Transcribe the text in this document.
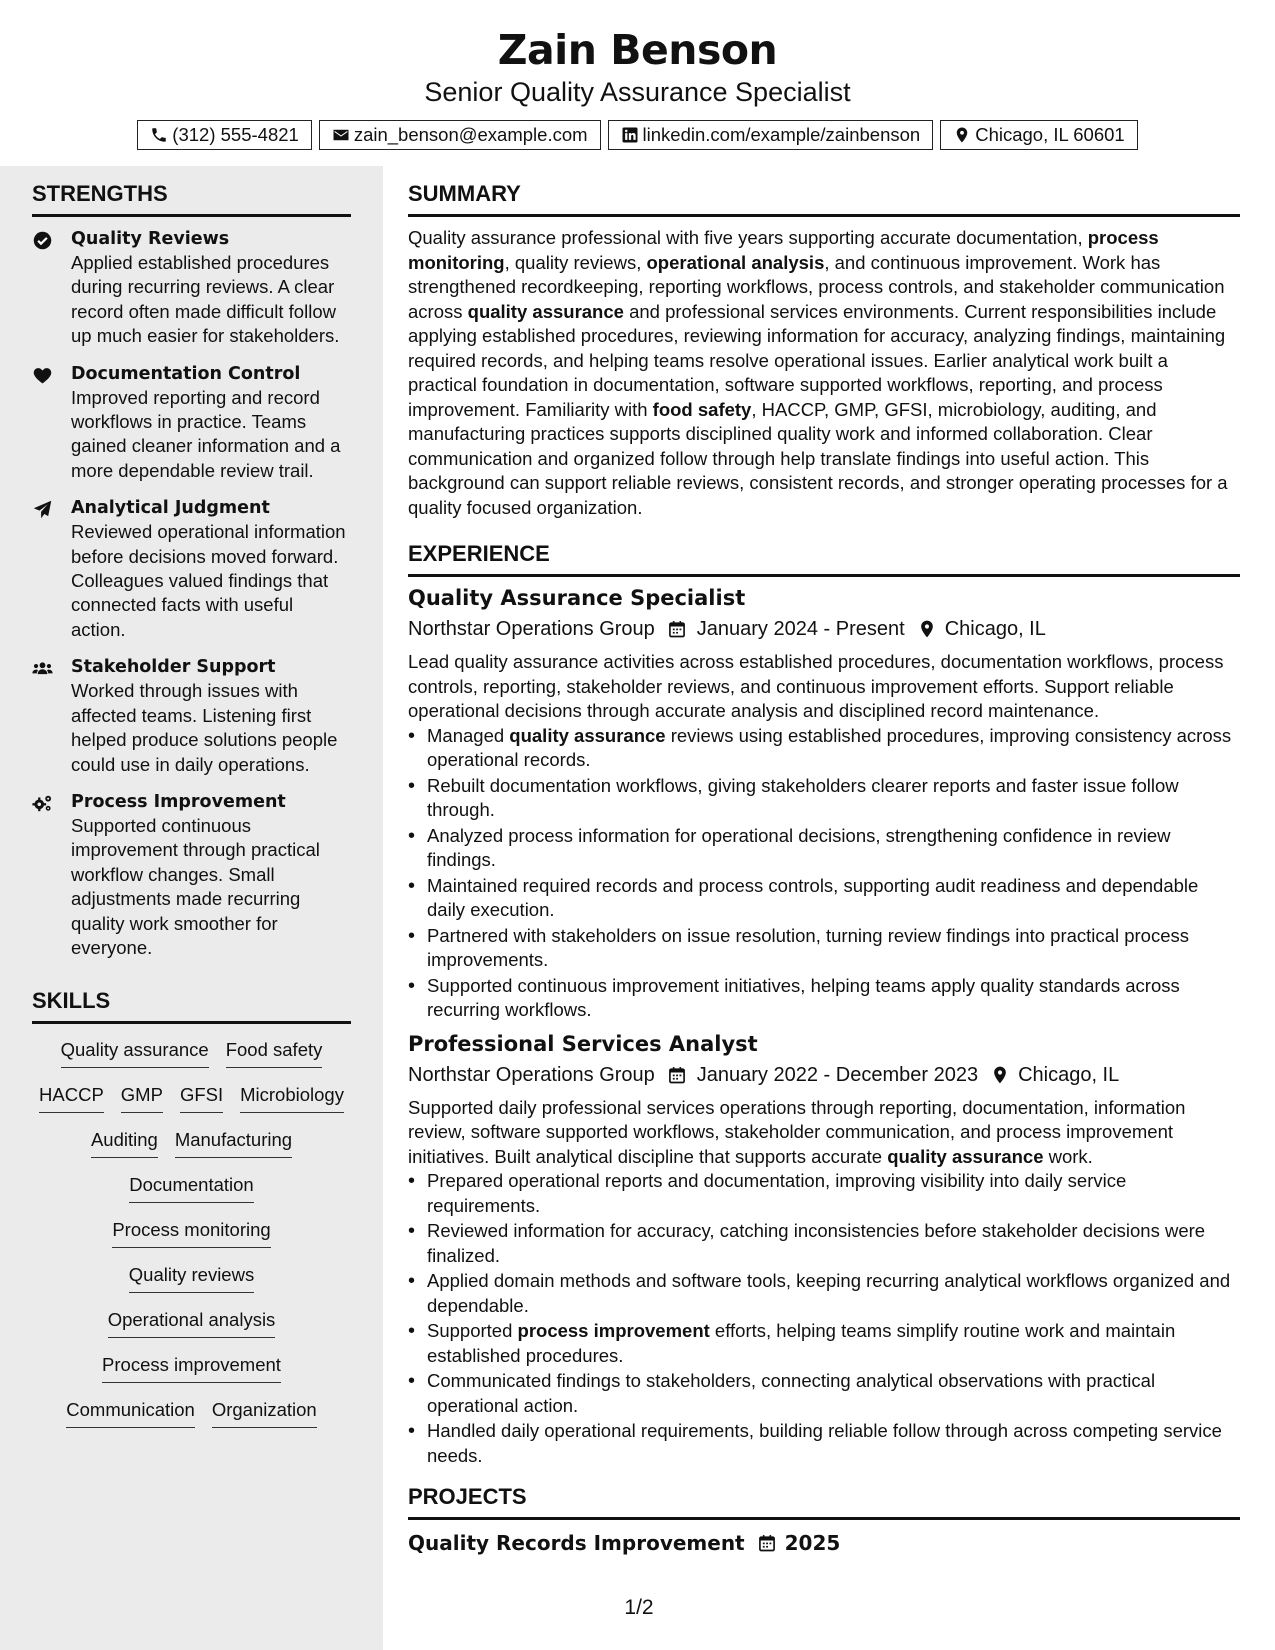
Zain Benson
Senior Quality Assurance Specialist
(312) 555-4821	zain_benson@example.com	linkedin.com/example/zainbenson	Chicago, IL 60601
STRENGTHS
Quality Reviews
Applied established procedures during recurring reviews. A clear record often made difficult follow up much easier for stakeholders.
Documentation Control
Improved reporting and record workflows in practice. Teams gained cleaner information and a more dependable review trail.
Analytical Judgment
Reviewed operational information before decisions moved forward. Colleagues valued findings that connected facts with useful action.
Stakeholder Support
Worked through issues with affected teams. Listening first helped produce solutions people could use in daily operations.
Process Improvement
Supported continuous improvement through practical workflow changes. Small adjustments made recurring quality work smoother for everyone.
SKILLS
Quality assurance Food safety
HACCP GMP GFSI Microbiology
Auditing Manufacturing
Documentation
Process monitoring
Quality reviews
Operational analysis
Process improvement
Communication Organization
SUMMARY
Quality assurance professional with five years supporting accurate documentation, process monitoring, quality reviews, operational analysis, and continuous improvement. Work has strengthened recordkeeping, reporting workflows, process controls, and stakeholder communication across quality assurance and professional services environments. Current responsibilities include applying established procedures, reviewing information for accuracy, analyzing findings, maintaining required records, and helping teams resolve operational issues. Earlier analytical work built a practical foundation in documentation, software supported workflows, reporting, and process improvement. Familiarity with food safety, HACCP, GMP, GFSI, microbiology, auditing, and manufacturing practices supports disciplined quality work and informed collaboration. Clear communication and organized follow through help translate findings into useful action. This background can support reliable reviews, consistent records, and stronger operating processes for a quality focused organization.
EXPERIENCE
Quality Assurance Specialist
Northstar Operations Group January 2024 - Present Chicago, IL
Lead quality assurance activities across established procedures, documentation workflows, process controls, reporting, stakeholder reviews, and continuous improvement efforts. Support reliable operational decisions through accurate analysis and disciplined record maintenance.
• Managed quality assurance reviews using established procedures, improving consistency across operational records.
• Rebuilt documentation workflows, giving stakeholders clearer reports and faster issue follow through.
• Analyzed process information for operational decisions, strengthening confidence in review findings.
• Maintained required records and process controls, supporting audit readiness and dependable daily execution.
• Partnered with stakeholders on issue resolution, turning review findings into practical process improvements.
• Supported continuous improvement initiatives, helping teams apply quality standards across recurring workflows.
Professional Services Analyst
Northstar Operations Group January 2022 - December 2023 Chicago, IL
Supported daily professional services operations through reporting, documentation, information review, software supported workflows, stakeholder communication, and process improvement initiatives. Built analytical discipline that supports accurate quality assurance work.
• Prepared operational reports and documentation, improving visibility into daily service requirements.
• Reviewed information for accuracy, catching inconsistencies before stakeholder decisions were finalized.
• Applied domain methods and software tools, keeping recurring analytical workflows organized and dependable.
• Supported process improvement efforts, helping teams simplify routine work and maintain established procedures.
• Communicated findings to stakeholders, connecting analytical observations with practical operational action.
• Handled daily operational requirements, building reliable follow through across competing service needs.
PROJECTS
Quality Records Improvement 2025
1/2
